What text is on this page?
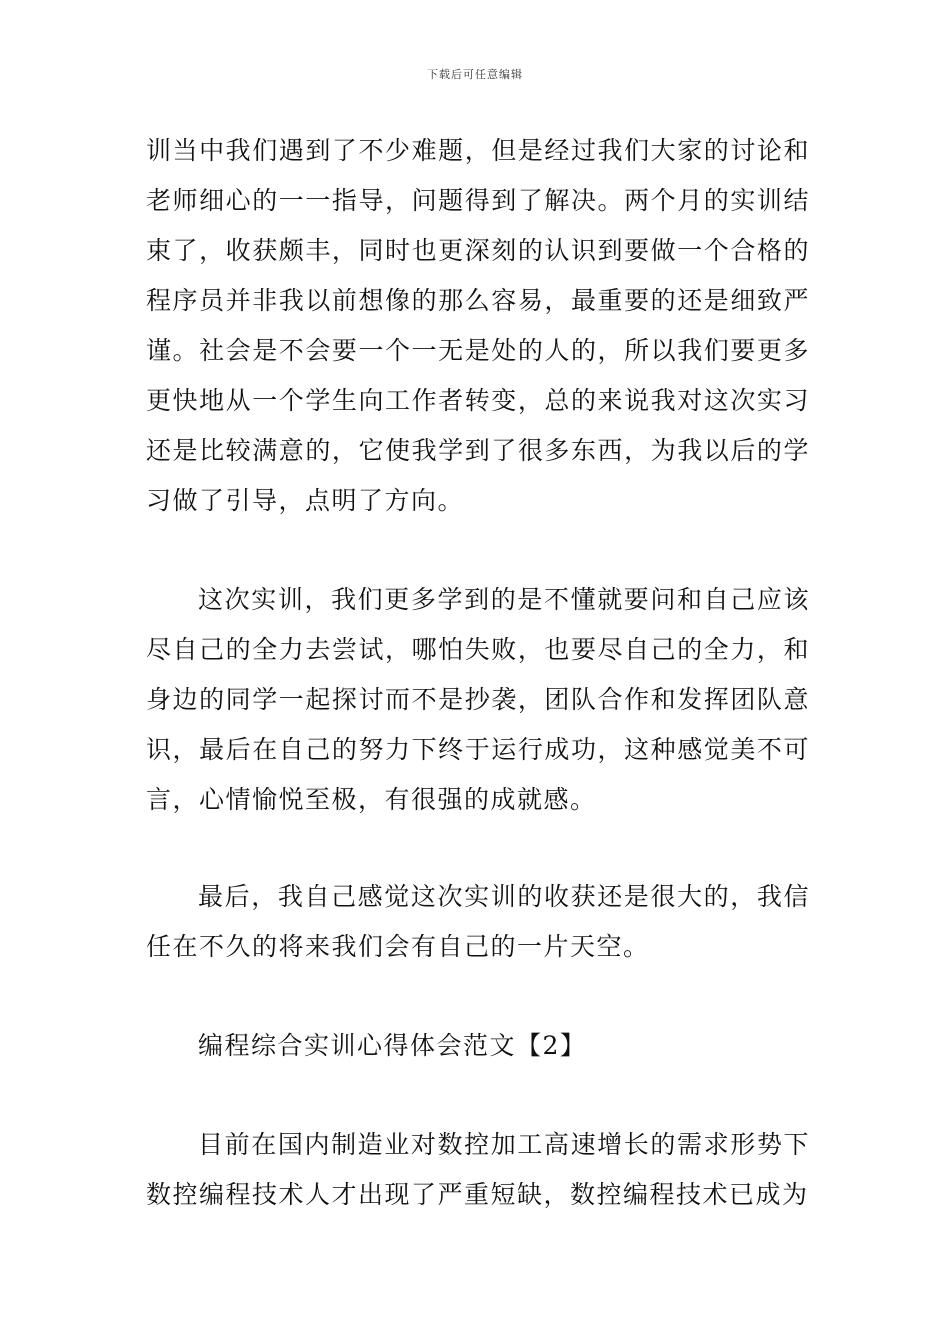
下载后可任意编辑

训当中我们遇到了不少难题，但是经过我们大家的讨论和老师细心的一一指导，问题得到了解决。两个月的实训结束了，收获颇丰，同时也更深刻的认识到要做一个合格的程序员并非我以前想像的那么容易，最重要的还是细致严谨。社会是不会要一个一无是处的人的，所以我们要更多更快地从一个学生向工作者转变，总的来说我对这次实习还是比较满意的，它使我学到了很多东西，为我以后的学习做了引导，点明了方向。

这次实训，我们更多学到的是不懂就要问和自己应该尽自己的全力去尝试，哪怕失败，也要尽自己的全力，和身边的同学一起探讨而不是抄袭，团队合作和发挥团队意识，最后在自己的努力下终于运行成功，这种感觉美不可言，心情愉悦至极，有很强的成就感。

最后，我自己感觉这次实训的收获还是很大的，我信任在不久的将来我们会有自己的一片天空。

编程综合实训心得体会范文【2】

目前在国内制造业对数控加工高速增长的需求形势下数控编程技术人才出现了严重短缺，数控编程技术已成为
